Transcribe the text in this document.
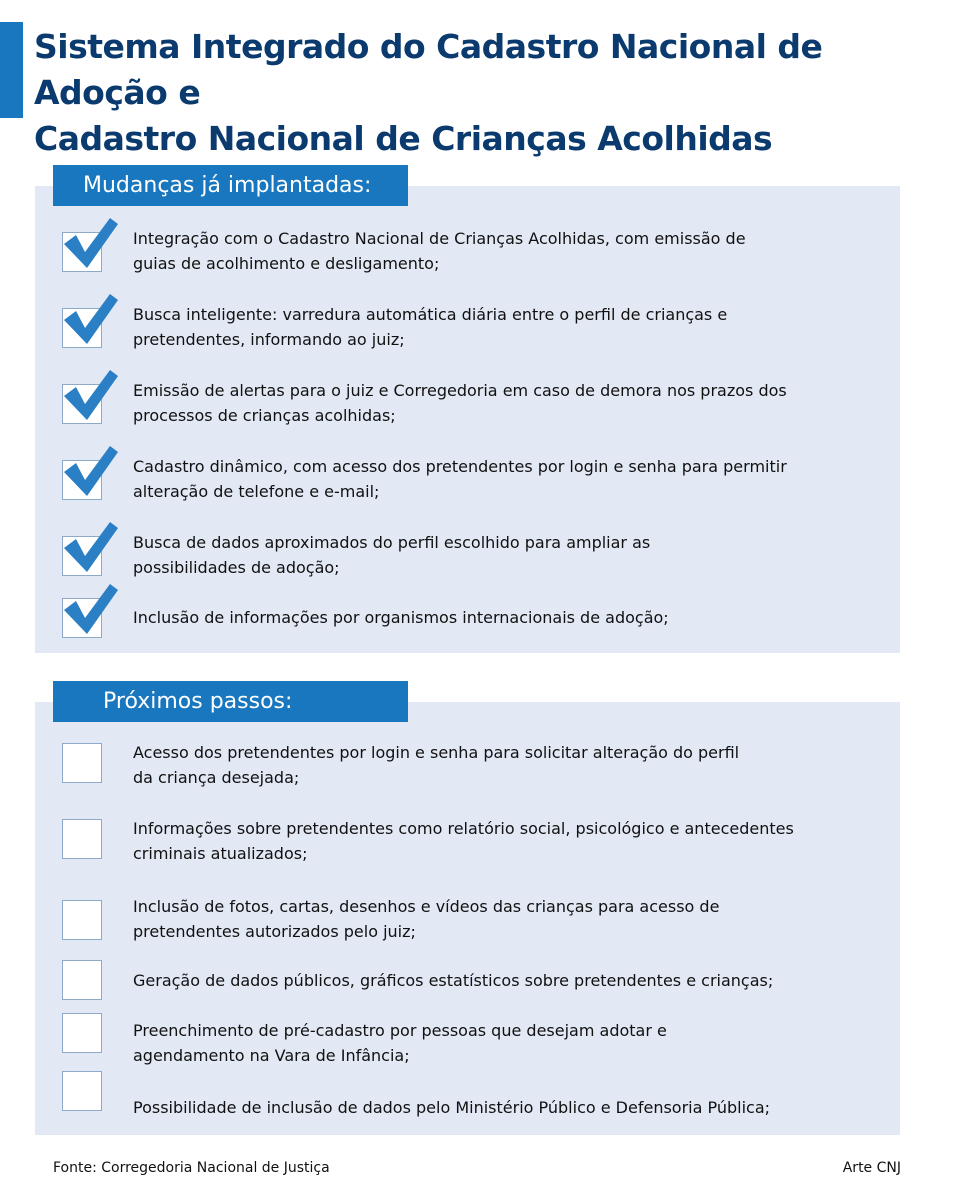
Sistema Integrado do Cadastro Nacional de Adoção e
Cadastro Nacional de Crianças Acolhidas
Mudanças já implantadas:
Integração com o Cadastro Nacional de Crianças Acolhidas, com emissão de
guias de acolhimento e desligamento;
Busca inteligente: varredura automática diária entre o perfil de crianças e
pretendentes, informando ao juiz;
Emissão de alertas para o juiz e Corregedoria em caso de demora nos prazos dos
processos de crianças acolhidas;
Cadastro dinâmico, com acesso dos pretendentes por login e senha para permitir
alteração de telefone e e-mail;
Busca de dados aproximados do perfil escolhido para ampliar as
possibilidades de adoção;
Inclusão de informações por organismos internacionais de adoção;
Próximos passos:
Acesso dos pretendentes por login e senha para solicitar alteração do perfil
da criança desejada;
Informações sobre pretendentes como relatório social, psicológico e antecedentes
criminais atualizados;
Inclusão de fotos, cartas, desenhos e vídeos das crianças para acesso de
pretendentes autorizados pelo juiz;
Geração de dados públicos, gráficos estatísticos sobre pretendentes e crianças;
Preenchimento de pré-cadastro por pessoas que desejam adotar e
agendamento na Vara de Infância;
Possibilidade de inclusão de dados pelo Ministério Público e Defensoria Pública;
Fonte: Corregedoria Nacional de Justiça	Arte CNJ
